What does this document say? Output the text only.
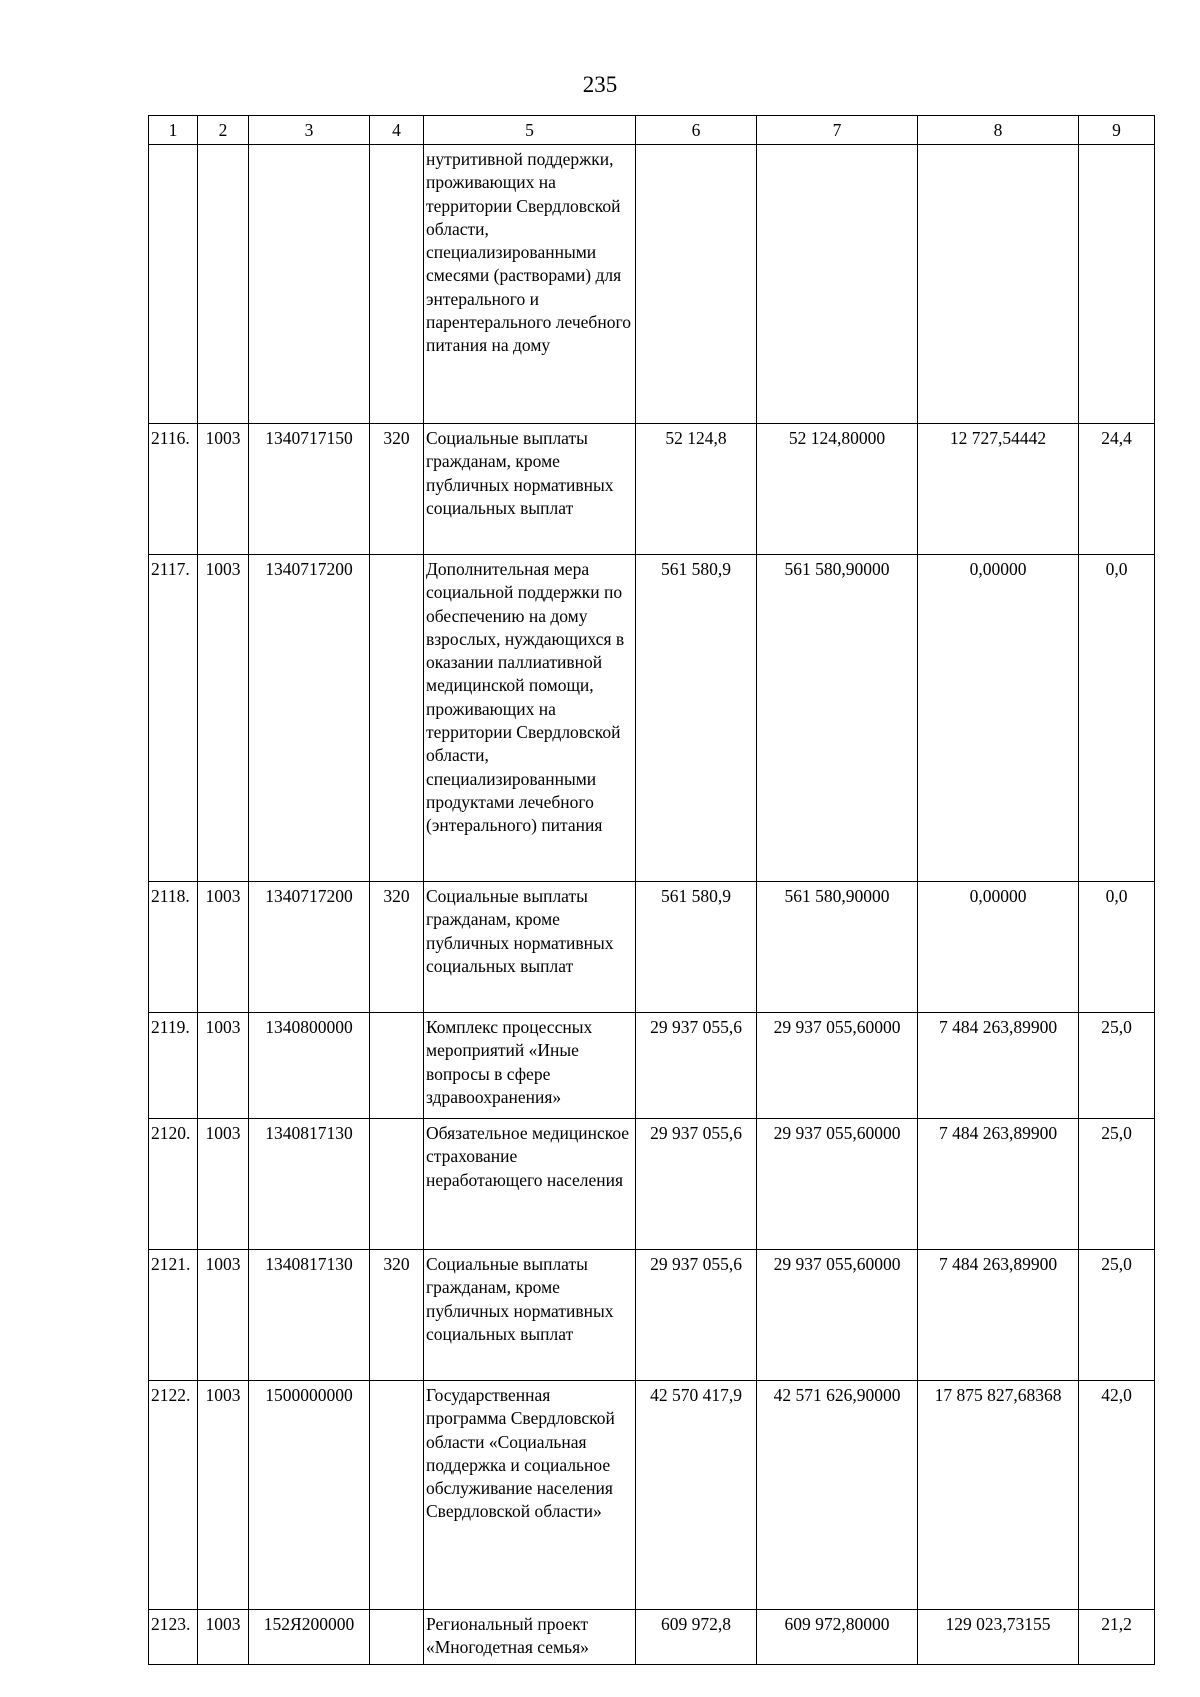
235
1	2	3	4	5	6	7	8	9
				нутритивной поддержки, проживающих на территории Свердловской области, специализированными смесями (растворами) для энтерального и парентерального лечебного питания на дому				
2116.	1003	1340717150	320	Социальные выплаты гражданам, кроме публичных нормативных социальных выплат	52 124,8	52 124,80000	12 727,54442	24,4
2117.	1003	1340717200		Дополнительная мера социальной поддержки по обеспечению на дому взрослых, нуждающихся в оказании паллиативной медицинской помощи, проживающих на территории Свердловской области, специализированными продуктами лечебного (энтерального) питания	561 580,9	561 580,90000	0,00000	0,0
2118.	1003	1340717200	320	Социальные выплаты гражданам, кроме публичных нормативных социальных выплат	561 580,9	561 580,90000	0,00000	0,0
2119.	1003	1340800000		Комплекс процессных мероприятий «Иные вопросы в сфере здравоохранения»	29 937 055,6	29 937 055,60000	7 484 263,89900	25,0
2120.	1003	1340817130		Обязательное медицинское страхование неработающего населения	29 937 055,6	29 937 055,60000	7 484 263,89900	25,0
2121.	1003	1340817130	320	Социальные выплаты гражданам, кроме публичных нормативных социальных выплат	29 937 055,6	29 937 055,60000	7 484 263,89900	25,0
2122.	1003	1500000000		Государственная программа Свердловской области «Социальная поддержка и социальное обслуживание населения Свердловской области»	42 570 417,9	42 571 626,90000	17 875 827,68368	42,0
2123.	1003	152Я200000		Региональный проект «Многодетная семья»	609 972,8	609 972,80000	129 023,73155	21,2
